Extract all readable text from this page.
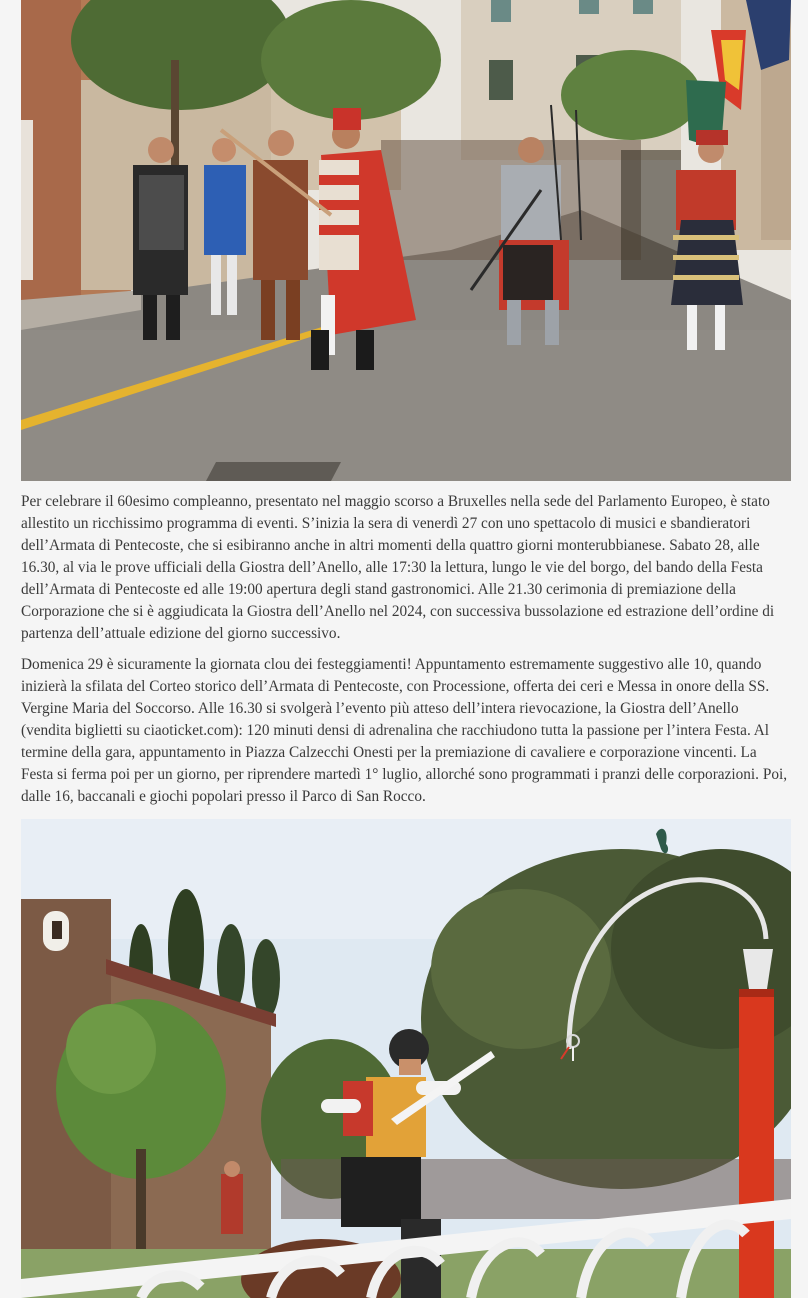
Per celebrare il 60esimo compleanno, presentato nel maggio scorso a Bruxelles nella sede del Parlamento Europeo, è stato allestito un ricchissimo programma di eventi. S’inizia la sera di venerdì 27 con uno spettacolo di musici e sbandieratori dell’Armata di Pentecoste, che si esibiranno anche in altri momenti della quattro giorni monterubbianese. Sabato 28, alle 16.30, al via le prove ufficiali della Giostra dell’Anello, alle 17:30 la lettura, lungo le vie del borgo, del bando della Festa dell’Armata di Pentecoste ed alle 19:00 apertura degli stand gastronomici. Alle 21.30 cerimonia di premiazione della Corporazione che si è aggiudicata la Giostra dell’Anello nel 2024, con successiva bussolazione ed estrazione dell’ordine di partenza dell’attuale edizione del giorno successivo.

Domenica 29 è sicuramente la giornata clou dei festeggiamenti! Appuntamento estremamente suggestivo alle 10, quando inizierà la sfilata del Corteo storico dell’Armata di Pentecoste, con Processione, offerta dei ceri e Messa in onore della SS. Vergine Maria del Soccorso. Alle 16.30 si svolgerà l’evento più atteso dell’intera rievocazione, la Giostra dell’Anello (vendita biglietti su ciaoticket.com): 120 minuti densi di adrenalina che racchiudono tutta la passione per l’intera Festa. Al termine della gara, appuntamento in Piazza Calzecchi Onesti per la premiazione di cavaliere e corporazione vincenti. La Festa si ferma poi per un giorno, per riprendere martedì 1° luglio, allorché sono programmati i pranzi delle corporazioni. Poi, dalle 16, baccanali e giochi popolari presso il Parco di San Rocco.
